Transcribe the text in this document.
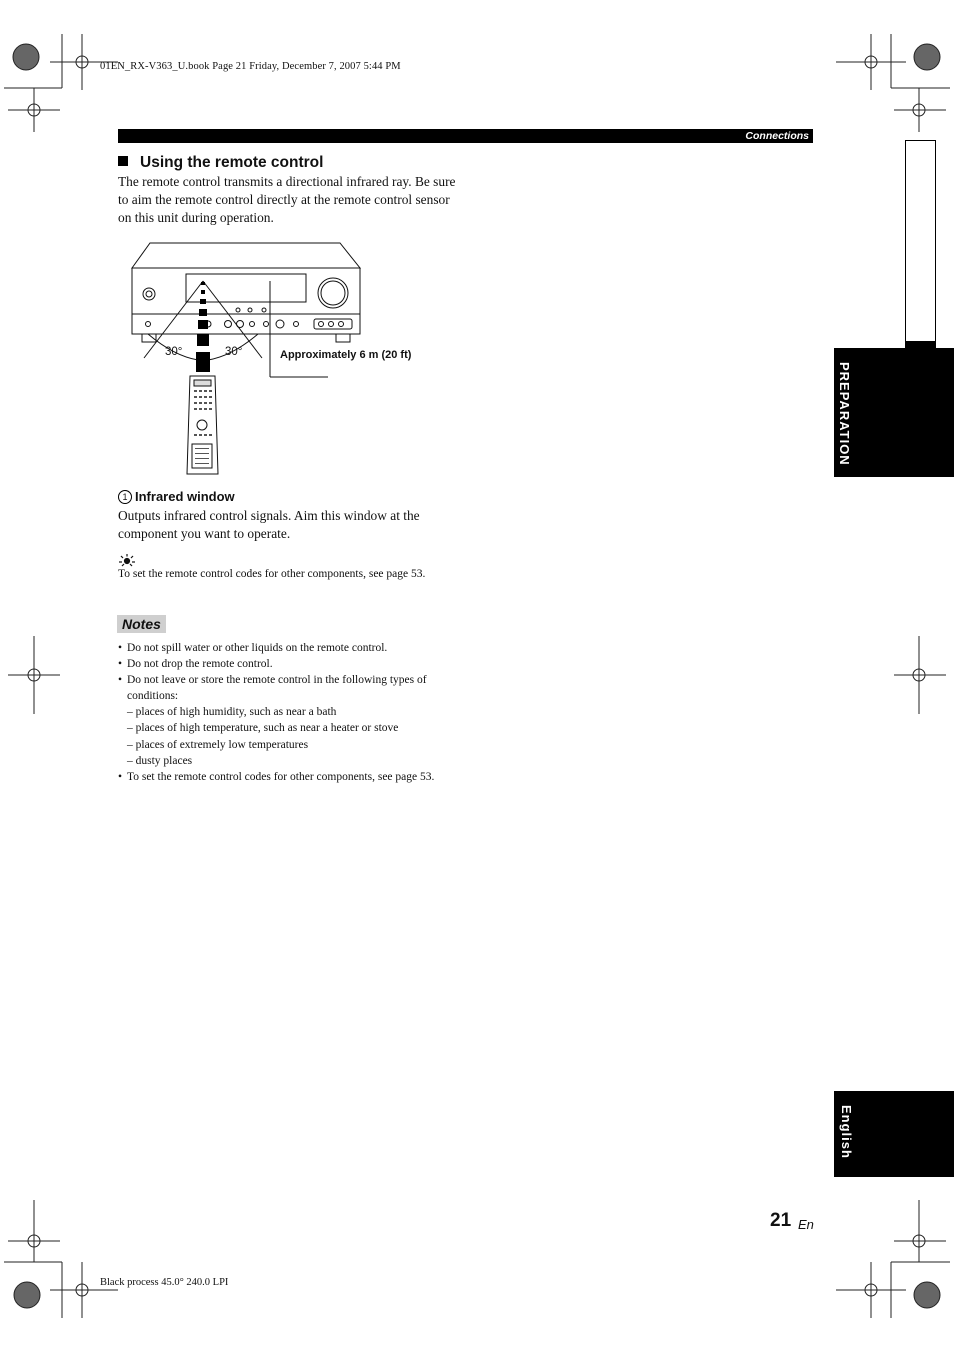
01EN_RX-V363_U.book Page 21 Friday, December 7, 2007 5:44 PM
Connections
Using the remote control
The remote control transmits a directional infrared ray. Be sure to aim the remote control directly at the remote control sensor on this unit during operation.
30°	30°	Approximately 6 m (20 ft)
1 Infrared window
Outputs infrared control signals. Aim this window at the component you want to operate.
To set the remote control codes for other components, see page 53.
Notes
• Do not spill water or other liquids on the remote control.
• Do not drop the remote control.
• Do not leave or store the remote control in the following types of conditions:
– places of high humidity, such as near a bath
– places of high temperature, such as near a heater or stove
– places of extremely low temperatures
– dusty places
• To set the remote control codes for other components, see page 53.
PREPARATION
English
21 En
Black process 45.0° 240.0 LPI
